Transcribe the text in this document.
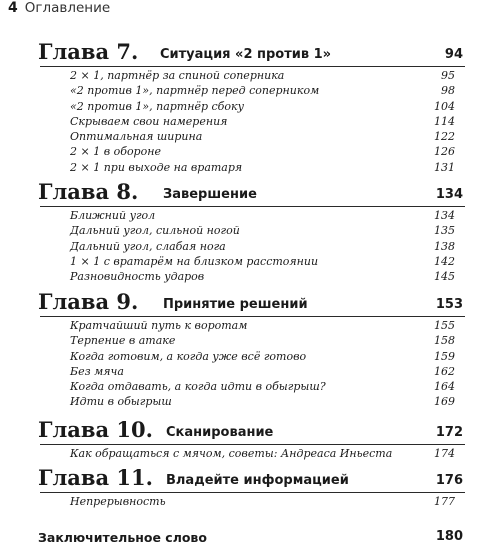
4 Оглавление
Глава 7. Ситуация «2 против 1»	94
2 × 1, партнёр за спиной соперника	95
«2 против 1», партнёр перед соперником	98
«2 против 1», партнёр сбоку	104
Скрываем свои намерения	114
Оптимальная ширина	122
2 × 1 в обороне	126
2 × 1 при выходе на вратаря	131
Глава 8. Завершение	134
Ближний угол	134
Дальний угол, сильной ногой	135
Дальний угол, слабая нога	138
1 × 1 с вратарём на близком расстоянии	142
Разновидность ударов	145
Глава 9. Принятие решений	153
Кратчайший путь к воротам	155
Терпение в атаке	158
Когда готовим, а когда уже всё готово	159
Без мяча	162
Когда отдавать, а когда идти в обыгрыш?	164
Идти в обыгрыш	169
Глава 10. Сканирование	172
Как обращаться с мячом, советы: Андреаса Иньеста	174
Глава 11. Владейте информацией	176
Непрерывность	177
Заключительное слово	180
